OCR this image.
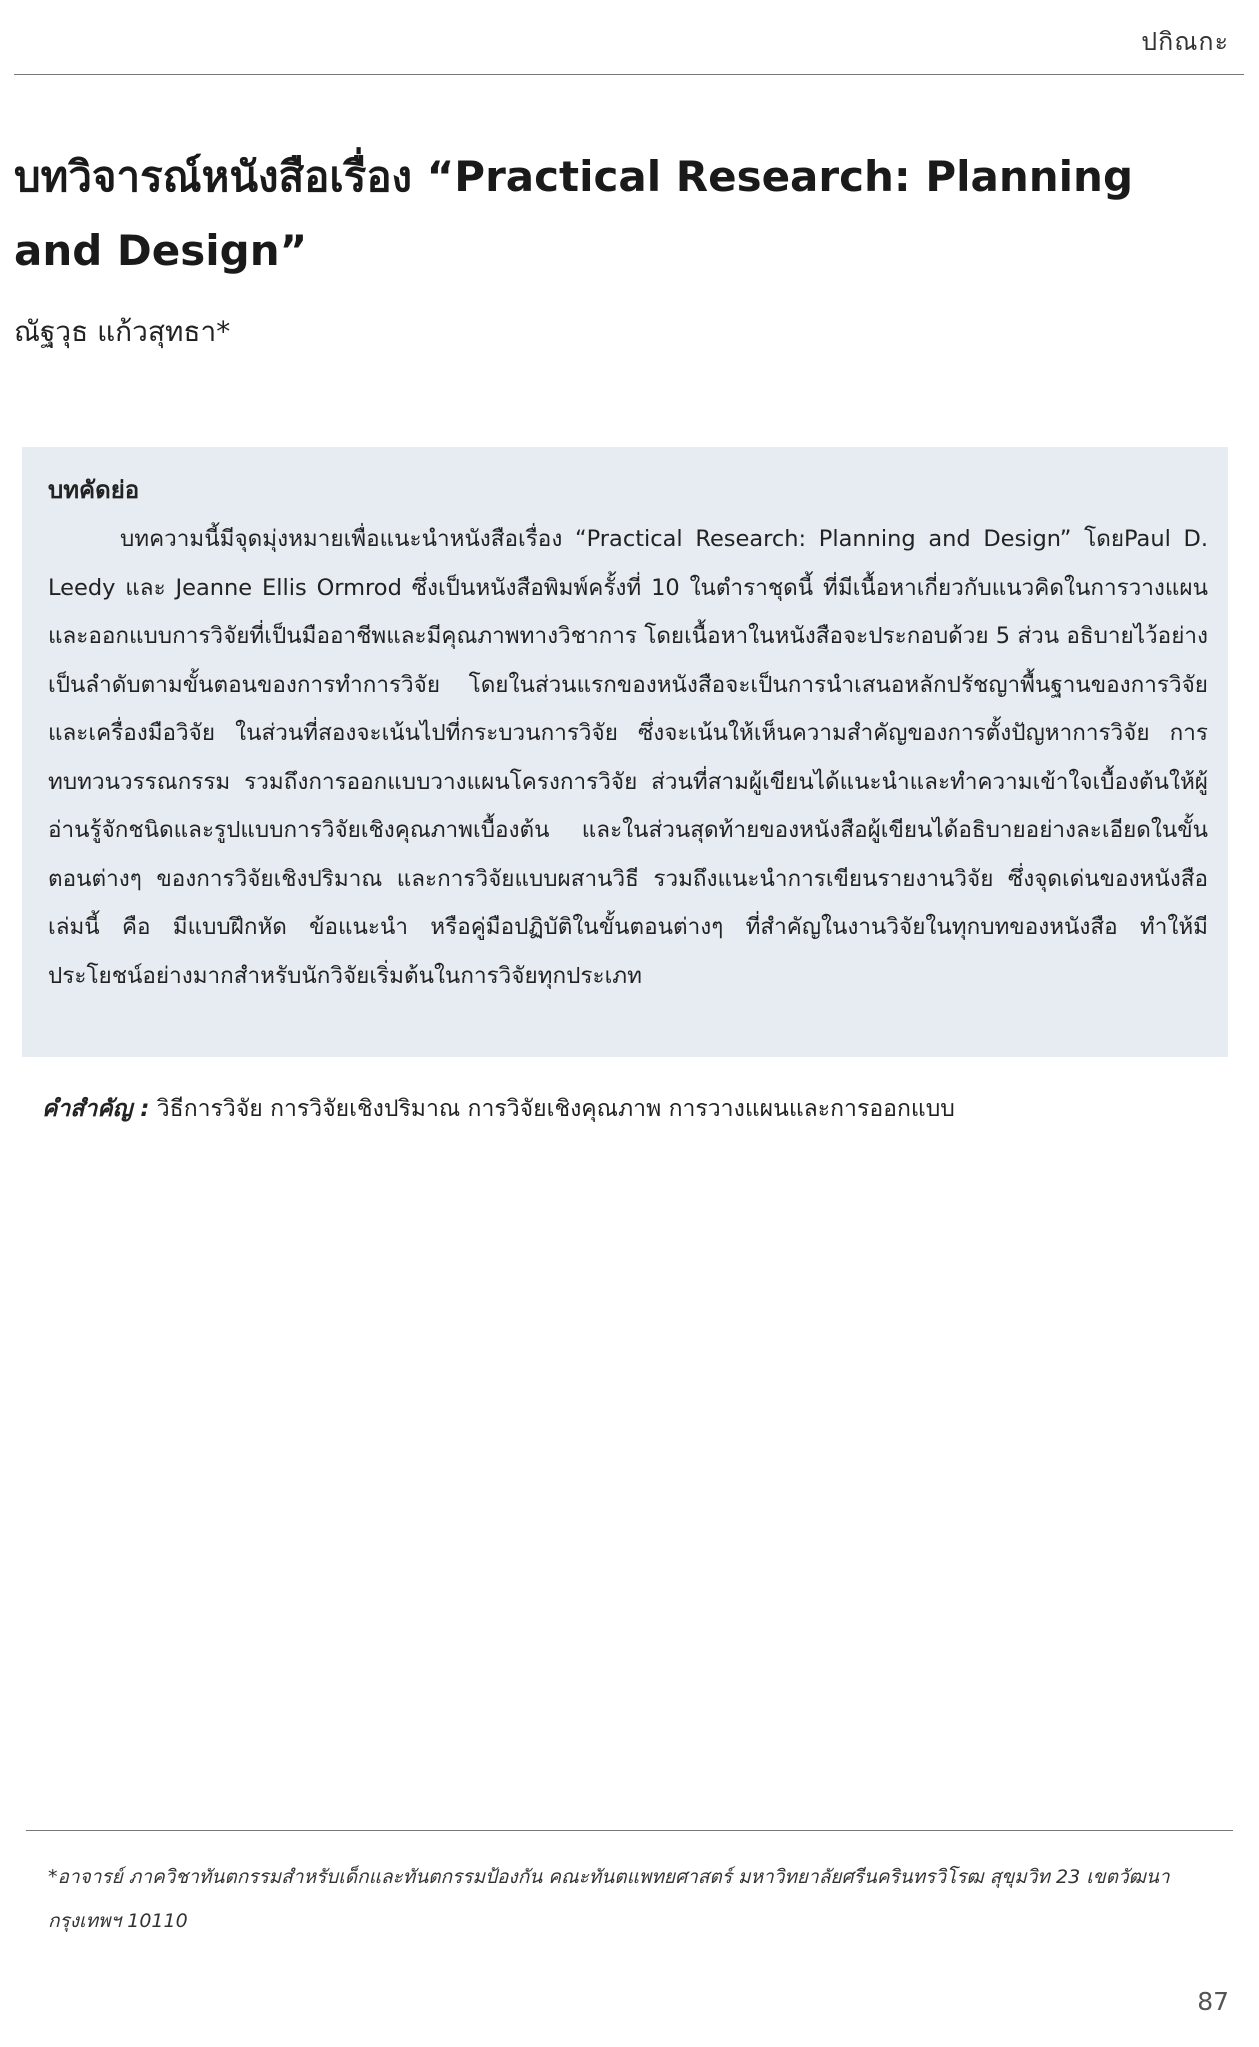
ปกิณกะ
บทวิจารณ์หนังสือเรื่อง “Practical Research: Planning and Design”

ณัฐวุธ แก้วสุทธา*

บทคัดย่อ

บทความนี้มีจุดมุ่งหมายเพื่อแนะนำหนังสือเรื่อง “Practical Research: Planning and Design” โดยPaul D. Leedy และ Jeanne Ellis Ormrod ซึ่งเป็นหนังสือพิมพ์ครั้งที่ 10 ในตำราชุดนี้ ที่มีเนื้อหาเกี่ยวกับแนวคิดในการวางแผนและออกแบบการวิจัยที่เป็นมืออาชีพและมีคุณภาพทางวิชาการ โดยเนื้อหาในหนังสือจะประกอบด้วย 5 ส่วน อธิบายไว้อย่างเป็นลำดับตามขั้นตอนของการทำการวิจัย โดยในส่วนแรกของหนังสือจะเป็นการนำเสนอหลักปรัชญาพื้นฐานของการวิจัยและเครื่องมือวิจัย ในส่วนที่สองจะเน้นไปที่กระบวนการวิจัย ซึ่งจะเน้นให้เห็นความสำคัญของการตั้งปัญหาการวิจัย การทบทวนวรรณกรรม รวมถึงการออกแบบวางแผนโครงการวิจัย ส่วนที่สามผู้เขียนได้แนะนำและทำความเข้าใจเบื้องต้นให้ผู้อ่านรู้จักชนิดและรูปแบบการวิจัยเชิงคุณภาพเบื้องต้น และในส่วนสุดท้ายของหนังสือผู้เขียนได้อธิบายอย่างละเอียดในขั้นตอนต่างๆ ของการวิจัยเชิงปริมาณ และการวิจัยแบบผสานวิธี รวมถึงแนะนำการเขียนรายงานวิจัย ซึ่งจุดเด่นของหนังสือเล่มนี้ คือ มีแบบฝึกหัด ข้อแนะนำ หรือคู่มือปฏิบัติในขั้นตอนต่างๆ ที่สำคัญในงานวิจัยในทุกบทของหนังสือ ทำให้มีประโยชน์อย่างมากสำหรับนักวิจัยเริ่มต้นในการวิจัยทุกประเภท

คำสำคัญ : วิธีการวิจัย การวิจัยเชิงปริมาณ การวิจัยเชิงคุณภาพ การวางแผนและการออกแบบ
*อาจารย์ ภาควิชาทันตกรรมสำหรับเด็กและทันตกรรมป้องกัน คณะทันตแพทยศาสตร์ มหาวิทยาลัยศรีนครินทรวิโรฒ สุขุมวิท 23 เขตวัฒนา กรุงเทพฯ 10110
87
